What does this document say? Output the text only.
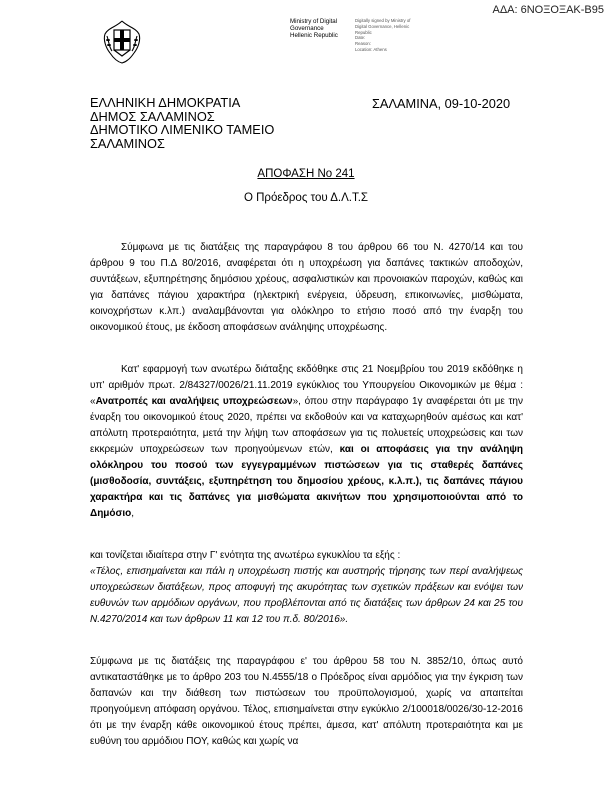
ΑΔΑ: 6ΝΟΞΟΞΑΚ-Β95
Ministry of Digital
Governance
Hellenic Republic
Digitally signed by Ministry of
Digital Governance, Hellenic
Republic
Date:
Reason:
Location: Athens
ΕΛΛΗΝΙΚΗ ΔΗΜΟΚΡΑΤΙΑ
ΔΗΜΟΣ ΣΑΛΑΜΙΝΟΣ
ΔΗΜΟΤΙΚΟ ΛΙΜΕΝΙΚΟ ΤΑΜΕΙΟ
ΣΑΛΑΜΙΝΟΣ
ΣΑΛΑΜΙΝΑ, 09-10-2020
ΑΠΟΦΑΣΗ Νο 241
Ο Πρόεδρος του Δ.Λ.Τ.Σ

Σύμφωνα με τις διατάξεις της παραγράφου 8 του άρθρου 66 του Ν. 4270/14 και του άρθρου 9 του Π.Δ 80/2016, αναφέρεται ότι η υποχρέωση για δαπάνες τακτικών αποδοχών, συντάξεων, εξυπηρέτησης δημόσιου χρέους, ασφαλιστικών και προνοιακών παροχών, καθώς και για δαπάνες πάγιου χαρακτήρα (ηλεκτρική ενέργεια, ύδρευση, επικοινωνίες, μισθώματα, κοινοχρήστων κ.λπ.) αναλαμβάνονται για ολόκληρο το ετήσιο ποσό από την έναρξη του οικονομικού έτους, με έκδοση αποφάσεων ανάληψης υποχρέωσης.

Κατ' εφαρμογή των ανωτέρω διάταξης εκδόθηκε στις 21 Νοεμβρίου του 2019 εκδόθηκε η υπ' αριθμόν πρωτ. 2/84327/0026/21.11.2019 εγκύκλιος του Υπουργείου Οικονομικών με θέμα : «Ανατροπές και αναλήψεις υποχρεώσεων», όπου στην παράγραφο 1γ αναφέρεται ότι με την έναρξη του οικονομικού έτους 2020, πρέπει να εκδοθούν και να καταχωρηθούν αμέσως και κατ' απόλυτη προτεραιότητα, μετά την λήψη των αποφάσεων για τις πολυετείς υποχρεώσεις και των εκκρεμών υποχρεώσεων των προηγούμενων ετών, και οι αποφάσεις για την ανάληψη ολόκληρου του ποσού των εγγεγραμμένων πιστώσεων για τις σταθερές δαπάνες (μισθοδοσία, συντάξεις, εξυπηρέτηση του δημοσίου χρέους, κ.λ.π.), τις δαπάνες πάγιου χαρακτήρα και τις δαπάνες για μισθώματα ακινήτων που χρησιμοποιούνται από το Δημόσιο,

και τονίζεται ιδιαίτερα στην Γ' ενότητα της ανωτέρω εγκυκλίου τα εξής :

«Τέλος, επισημαίνεται και πάλι η υποχρέωση πιστής και αυστηρής τήρησης των περί αναλήψεως υποχρεώσεων διατάξεων, προς αποφυγή της ακυρότητας των σχετικών πράξεων και ενόψει των ευθυνών των αρμόδιων οργάνων, που προβλέπονται από τις διατάξεις των άρθρων 24 και 25 του Ν.4270/2014 και των άρθρων 11 και 12 του π.δ. 80/2016».

Σύμφωνα με τις διατάξεις της παραγράφου ε' του άρθρου 58 του Ν. 3852/10, όπως αυτό αντικαταστάθηκε με το άρθρο 203 του Ν.4555/18 ο Πρόεδρος είναι αρμόδιος για την έγκριση των δαπανών και την διάθεση των πιστώσεων του προϋπολογισμού, χωρίς να απαιτείται προηγούμενη απόφαση οργάνου. Τέλος, επισημαίνεται στην εγκύκλιο 2/100018/0026/30-12-2016 ότι με την έναρξη κάθε οικονομικού έτους πρέπει, άμεσα, κατ' απόλυτη προτεραιότητα και με ευθύνη του αρμόδιου ΠΟΥ, καθώς και χωρίς να
